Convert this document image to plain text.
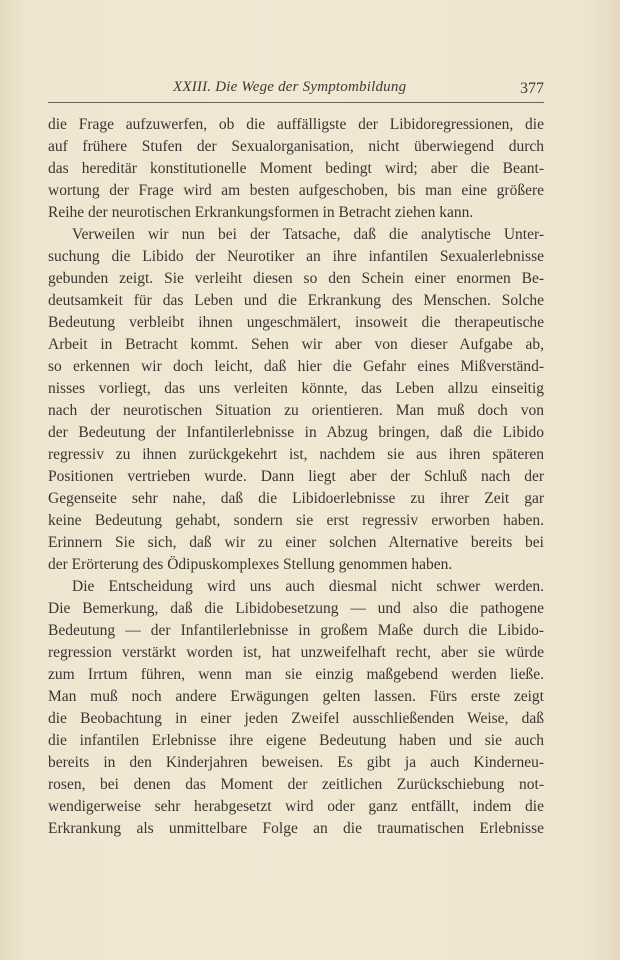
XXIII. Die Wege der Symptombildung	377
die Frage aufzuwerfen, ob die auffälligste der Libidoregressionen, die
auf frühere Stufen der Sexualorganisation, nicht überwiegend durch
das hereditär konstitutionelle Moment bedingt wird; aber die Beant-
wortung der Frage wird am besten aufgeschoben, bis man eine größere
Reihe der neurotischen Erkrankungsformen in Betracht ziehen kann.
Verweilen wir nun bei der Tatsache, daß die analytische Unter-
suchung die Libido der Neurotiker an ihre infantilen Sexualerlebnisse
gebunden zeigt. Sie verleiht diesen so den Schein einer enormen Be-
deutsamkeit für das Leben und die Erkrankung des Menschen. Solche
Bedeutung verbleibt ihnen ungeschmälert, insoweit die therapeutische
Arbeit in Betracht kommt. Sehen wir aber von dieser Aufgabe ab,
so erkennen wir doch leicht, daß hier die Gefahr eines Mißverständ-
nisses vorliegt, das uns verleiten könnte, das Leben allzu einseitig
nach der neurotischen Situation zu orientieren. Man muß doch von
der Bedeutung der Infantilerlebnisse in Abzug bringen, daß die Libido
regressiv zu ihnen zurückgekehrt ist, nachdem sie aus ihren späteren
Positionen vertrieben wurde. Dann liegt aber der Schluß nach der
Gegenseite sehr nahe, daß die Libidoerlebnisse zu ihrer Zeit gar
keine Bedeutung gehabt, sondern sie erst regressiv erworben haben.
Erinnern Sie sich, daß wir zu einer solchen Alternative bereits bei
der Erörterung des Ödipuskomplexes Stellung genommen haben.
Die Entscheidung wird uns auch diesmal nicht schwer werden.
Die Bemerkung, daß die Libidobesetzung — und also die pathogene
Bedeutung — der Infantilerlebnisse in großem Maße durch die Libido-
regression verstärkt worden ist, hat unzweifelhaft recht, aber sie würde
zum Irrtum führen, wenn man sie einzig maßgebend werden ließe.
Man muß noch andere Erwägungen gelten lassen. Fürs erste zeigt
die Beobachtung in einer jeden Zweifel ausschließenden Weise, daß
die infantilen Erlebnisse ihre eigene Bedeutung haben und sie auch
bereits in den Kinderjahren beweisen. Es gibt ja auch Kinderneu-
rosen, bei denen das Moment der zeitlichen Zurückschiebung not-
wendigerweise sehr herabgesetzt wird oder ganz entfällt, indem die
Erkrankung als unmittelbare Folge an die traumatischen Erlebnisse
